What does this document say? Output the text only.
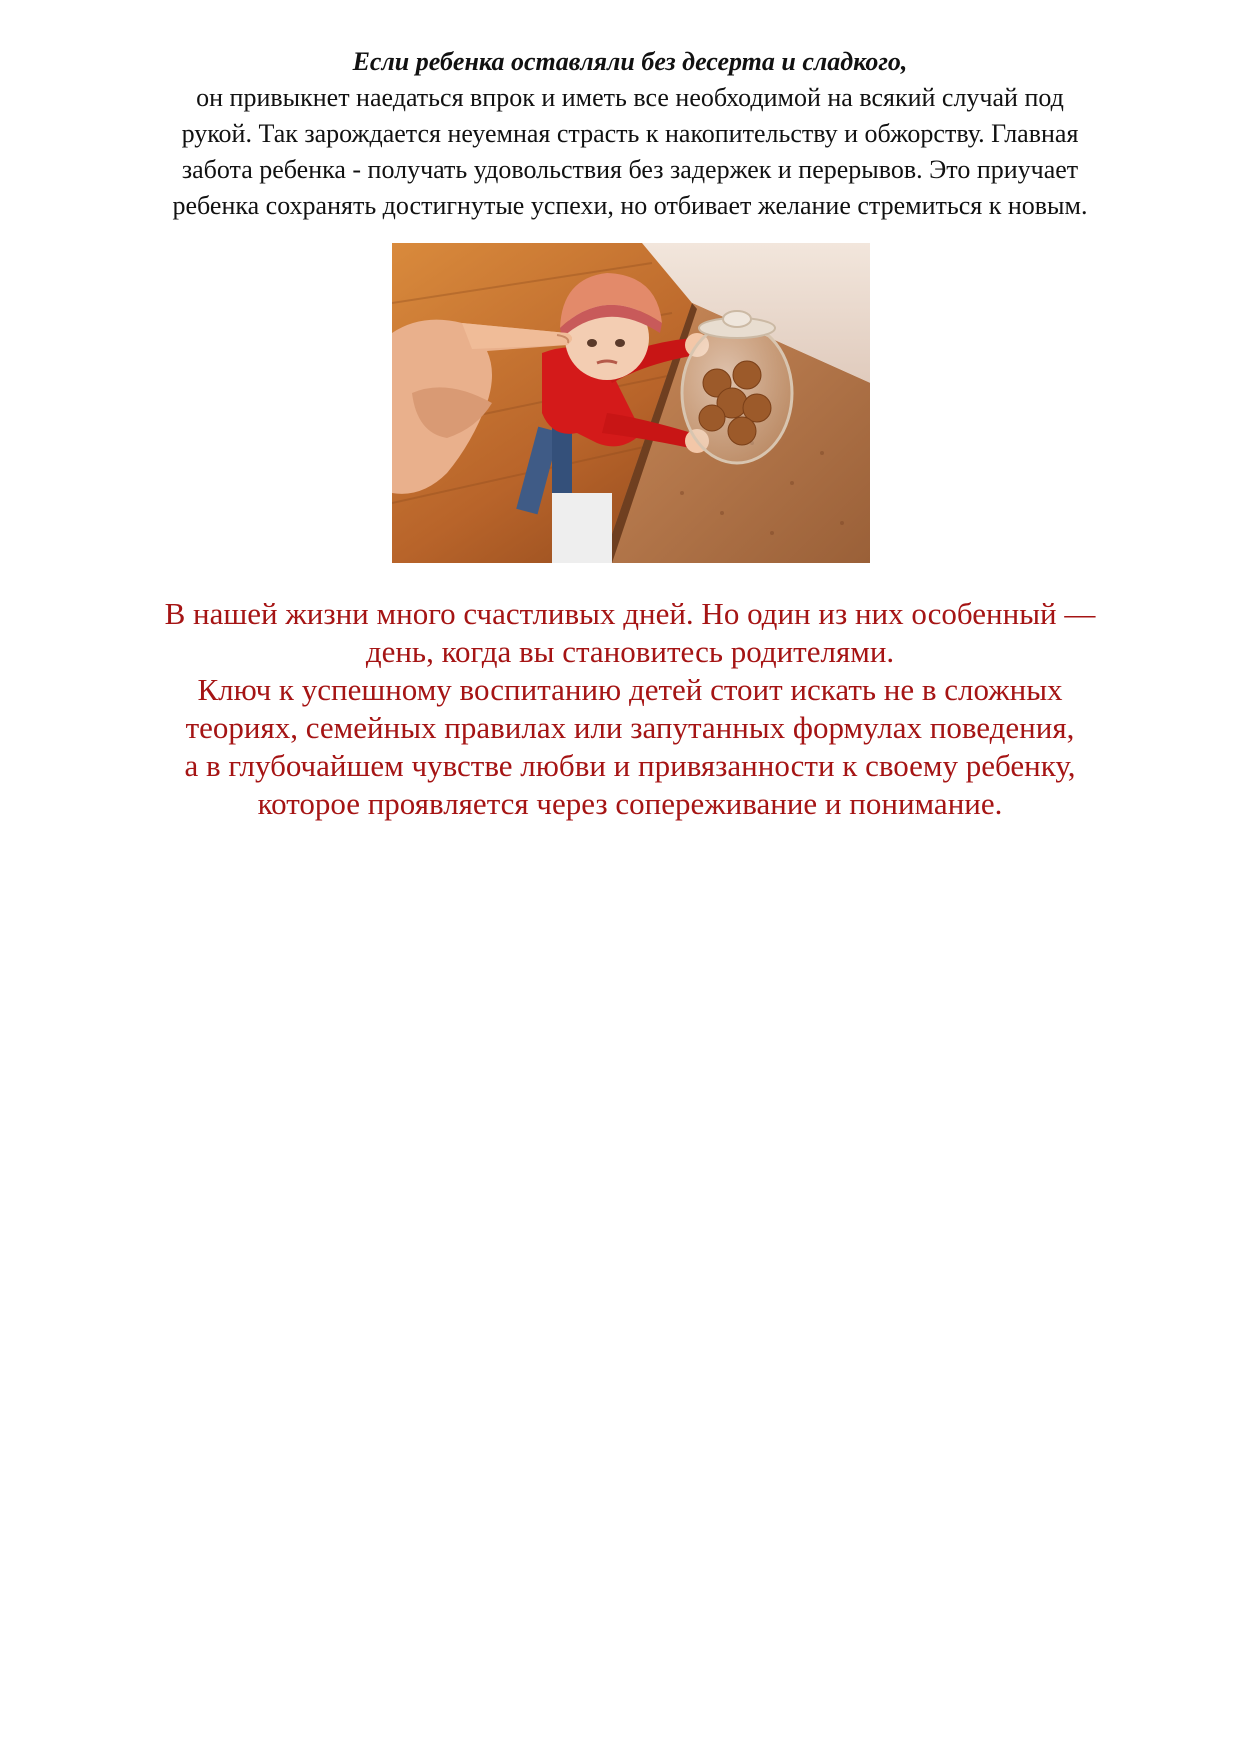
Если ребенка оставляли без десерта и сладкого,
он привыкнет наедаться впрок и иметь все необходимой на всякий случай под
рукой. Так зарождается неуемная страсть к накопительству и обжорству. Главная
забота ребенка - получать удовольствия без задержек и перерывов. Это приучает
ребенка сохранять достигнутые успехи, но отбивает желание стремиться к новым.
В нашей жизни много счастливых дней. Но один из них особенный —
день, когда вы становитесь родителями.
Ключ к успешному воспитанию детей стоит искать не в сложных
теориях, семейных правилах или запутанных формулах поведения,
а в глубочайшем чувстве любви и привязанности к своему ребенку,
которое проявляется через сопереживание и понимание.
